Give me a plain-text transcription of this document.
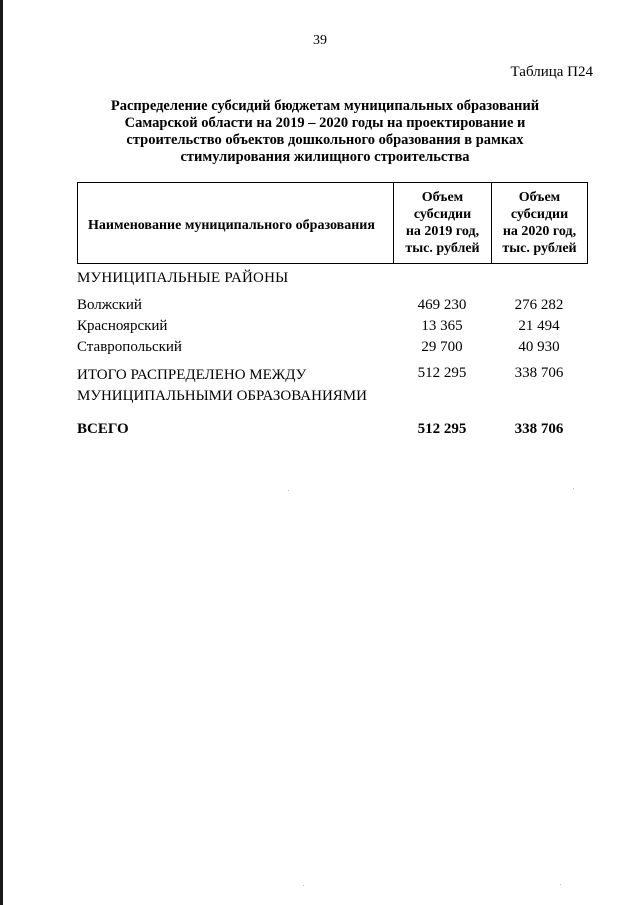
39
Таблица П24
Распределение субсидий бюджетам муниципальных образований
Самарской области на 2019 – 2020 годы на проектирование и
строительство объектов дошкольного образования в рамках
стимулирования жилищного строительства
Наименование муниципального образования
Объем
субсидии
на 2019 год,
тыс. рублей
Объем
субсидии
на 2020 год,
тыс. рублей
МУНИЦИПАЛЬНЫЕ РАЙОНЫ
Волжский	469 230	276 282
Красноярский	13 365	21 494
Ставропольский	29 700	40 930
ИТОГО РАСПРЕДЕЛЕНО МЕЖДУ
МУНИЦИПАЛЬНЫМИ ОБРАЗОВАНИЯМИ
512 295	338 706
ВСЕГО	512 295	338 706
